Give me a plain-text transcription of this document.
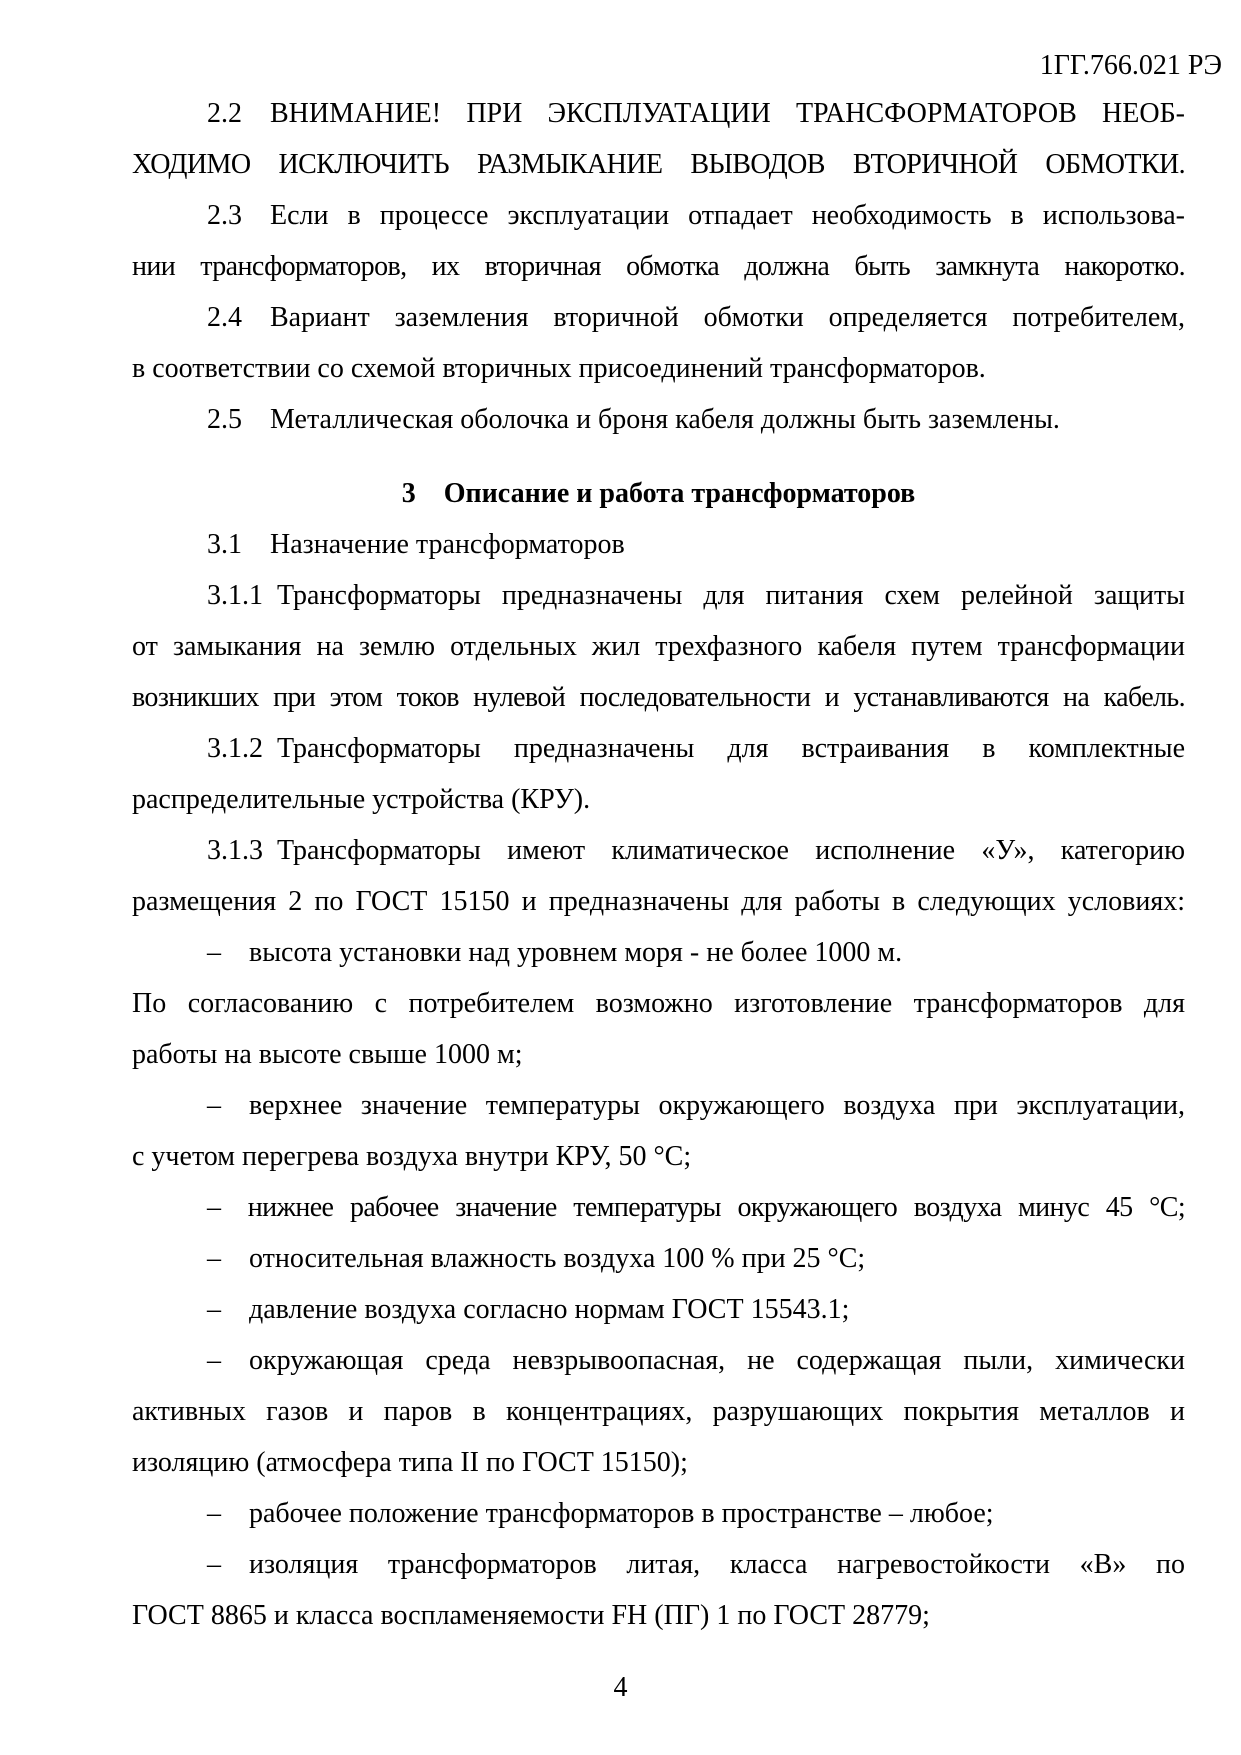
1ГГ.766.021 РЭ
2.2 ВНИМАНИЕ! ПРИ ЭКСПЛУАТАЦИИ ТРАНСФОРМАТОРОВ НЕОБ-
ХОДИМО ИСКЛЮЧИТЬ РАЗМЫКАНИЕ ВЫВОДОВ ВТОРИЧНОЙ ОБМОТКИ.
2.3 Если в процессе эксплуатации отпадает необходимость в использова-
нии трансформаторов, их вторичная обмотка должна быть замкнута накоротко.
2.4 Вариант заземления вторичной обмотки определяется потребителем,
в соответствии со схемой вторичных присоединений трансформаторов.
2.5 Металлическая оболочка и броня кабеля должны быть заземлены.
3 Описание и работа трансформаторов
3.1 Назначение трансформаторов
3.1.1 Трансформаторы предназначены для питания схем релейной защиты
от замыкания на землю отдельных жил трехфазного кабеля путем трансформации
возникших при этом токов нулевой последовательности и устанавливаются на кабель.
3.1.2 Трансформаторы предназначены для встраивания в комплектные
распределительные устройства (КРУ).
3.1.3 Трансформаторы имеют климатическое исполнение «У», категорию
размещения 2 по ГОСТ 15150 и предназначены для работы в следующих условиях:
– высота установки над уровнем моря - не более 1000 м.
По согласованию с потребителем возможно изготовление трансформаторов для
работы на высоте свыше 1000 м;
– верхнее значение температуры окружающего воздуха при эксплуатации,
с учетом перегрева воздуха внутри КРУ, 50 °С;
– нижнее рабочее значение температуры окружающего воздуха минус 45 °С;
– относительная влажность воздуха 100 % при 25 °С;
– давление воздуха согласно нормам ГОСТ 15543.1;
– окружающая среда невзрывоопасная, не содержащая пыли, химически
активных газов и паров в концентрациях, разрушающих покрытия металлов и
изоляцию (атмосфера типа II по ГОСТ 15150);
– рабочее положение трансформаторов в пространстве – любое;
– изоляция трансформаторов литая, класса нагревостойкости «В» по
ГОСТ 8865 и класса воспламеняемости FH (ПГ) 1 по ГОСТ 28779;
4
